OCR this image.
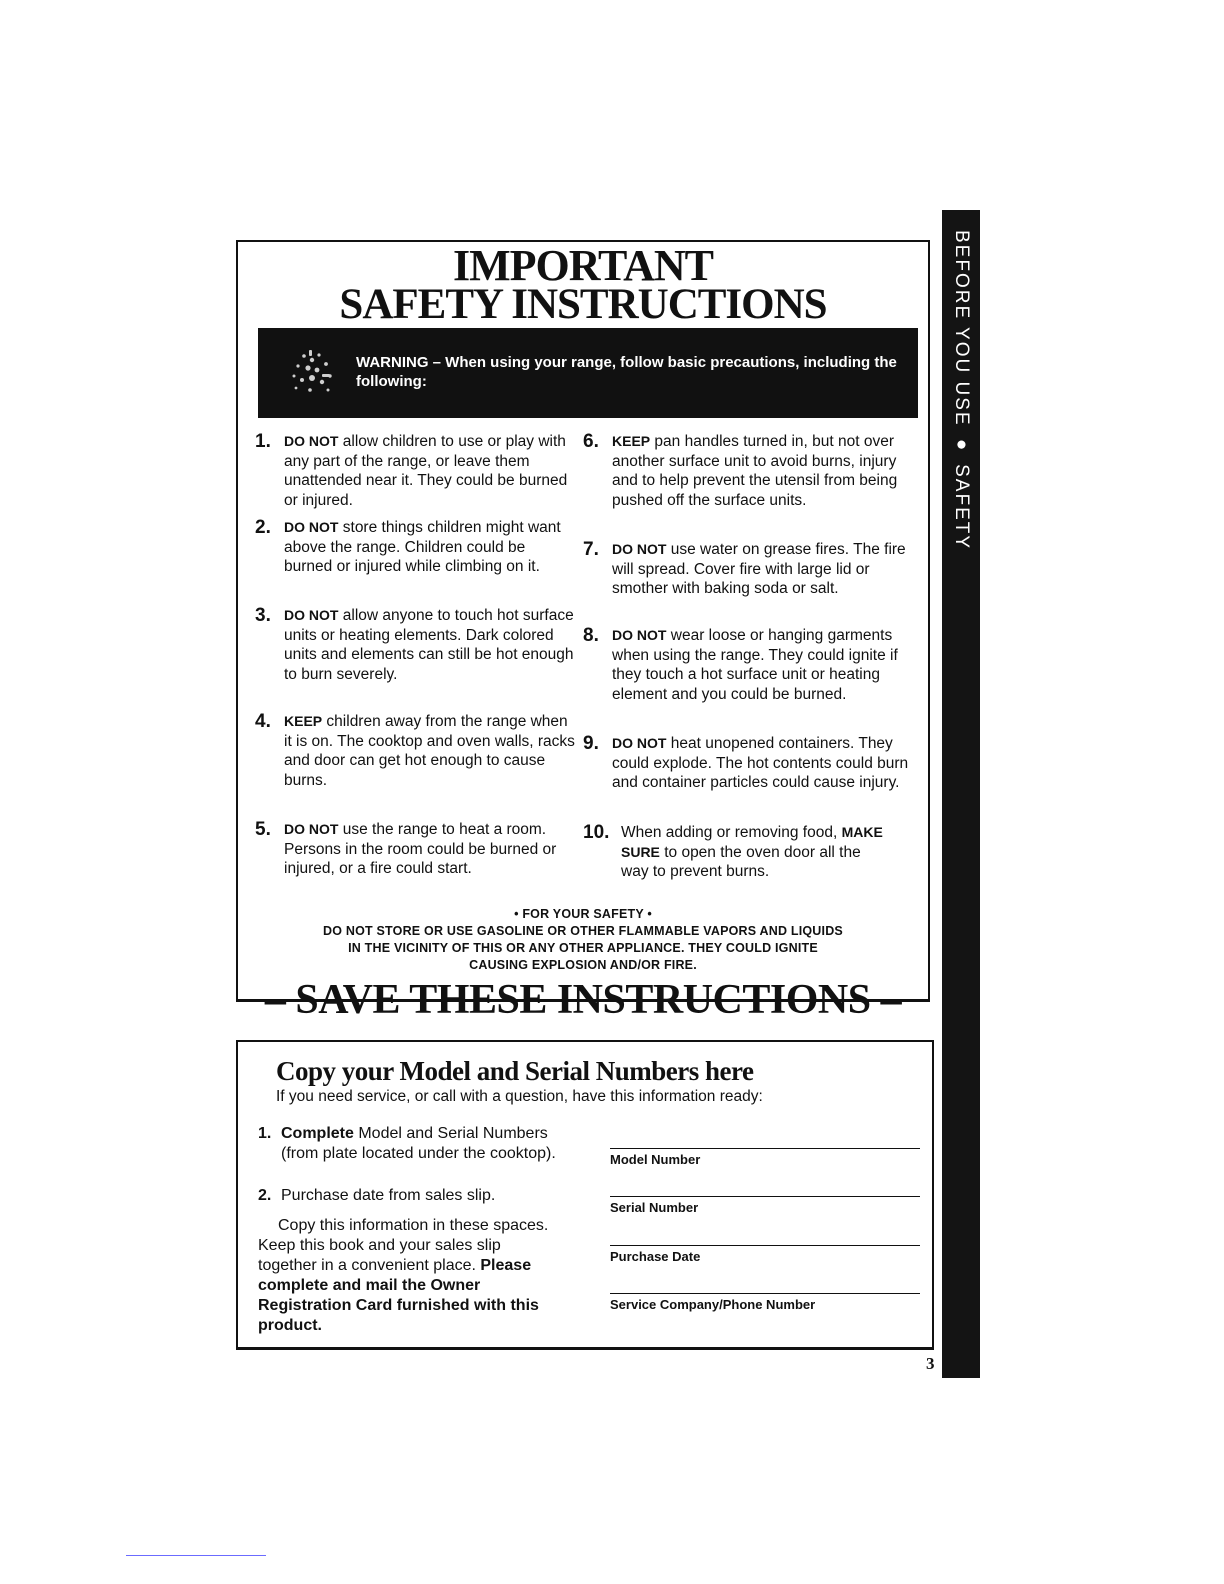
BEFORE YOU USE ● SAFETY
IMPORTANT
SAFETY INSTRUCTIONS
WARNING – When using your range, follow basic precautions, including the following:
1. DO NOT allow children to use or play with any part of the range, or leave them unattended near it. They could be burned or injured.
2. DO NOT store things children might want above the range. Children could be burned or injured while climbing on it.
3. DO NOT allow anyone to touch hot surface units or heating elements. Dark colored units and elements can still be hot enough to burn severely.
4. KEEP children away from the range when it is on. The cooktop and oven walls, racks and door can get hot enough to cause burns.
5. DO NOT use the range to heat a room. Persons in the room could be burned or injured, or a fire could start.
6. KEEP pan handles turned in, but not over another surface unit to avoid burns, injury and to help prevent the utensil from being pushed off the surface units.
7. DO NOT use water on grease fires. The fire will spread. Cover fire with large lid or smother with baking soda or salt.
8. DO NOT wear loose or hanging garments when using the range. They could ignite if they touch a hot surface unit or heating element and you could be burned.
9. DO NOT heat unopened containers. They could explode. The hot contents could burn and container particles could cause injury.
10. When adding or removing food, MAKE SURE to open the oven door all the way to prevent burns.
• FOR YOUR SAFETY •
DO NOT STORE OR USE GASOLINE OR OTHER FLAMMABLE VAPORS AND LIQUIDS
IN THE VICINITY OF THIS OR ANY OTHER APPLIANCE. THEY COULD IGNITE
CAUSING EXPLOSION AND/OR FIRE.
– SAVE THESE INSTRUCTIONS –
Copy your Model and Serial Numbers here
If you need service, or call with a question, have this information ready:
1. Complete Model and Serial Numbers (from plate located under the cooktop).
2. Purchase date from sales slip.
Copy this information in these spaces. Keep this book and your sales slip together in a convenient place. Please complete and mail the Owner Registration Card furnished with this product.
Model Number
Serial Number
Purchase Date
Service Company/Phone Number
3
